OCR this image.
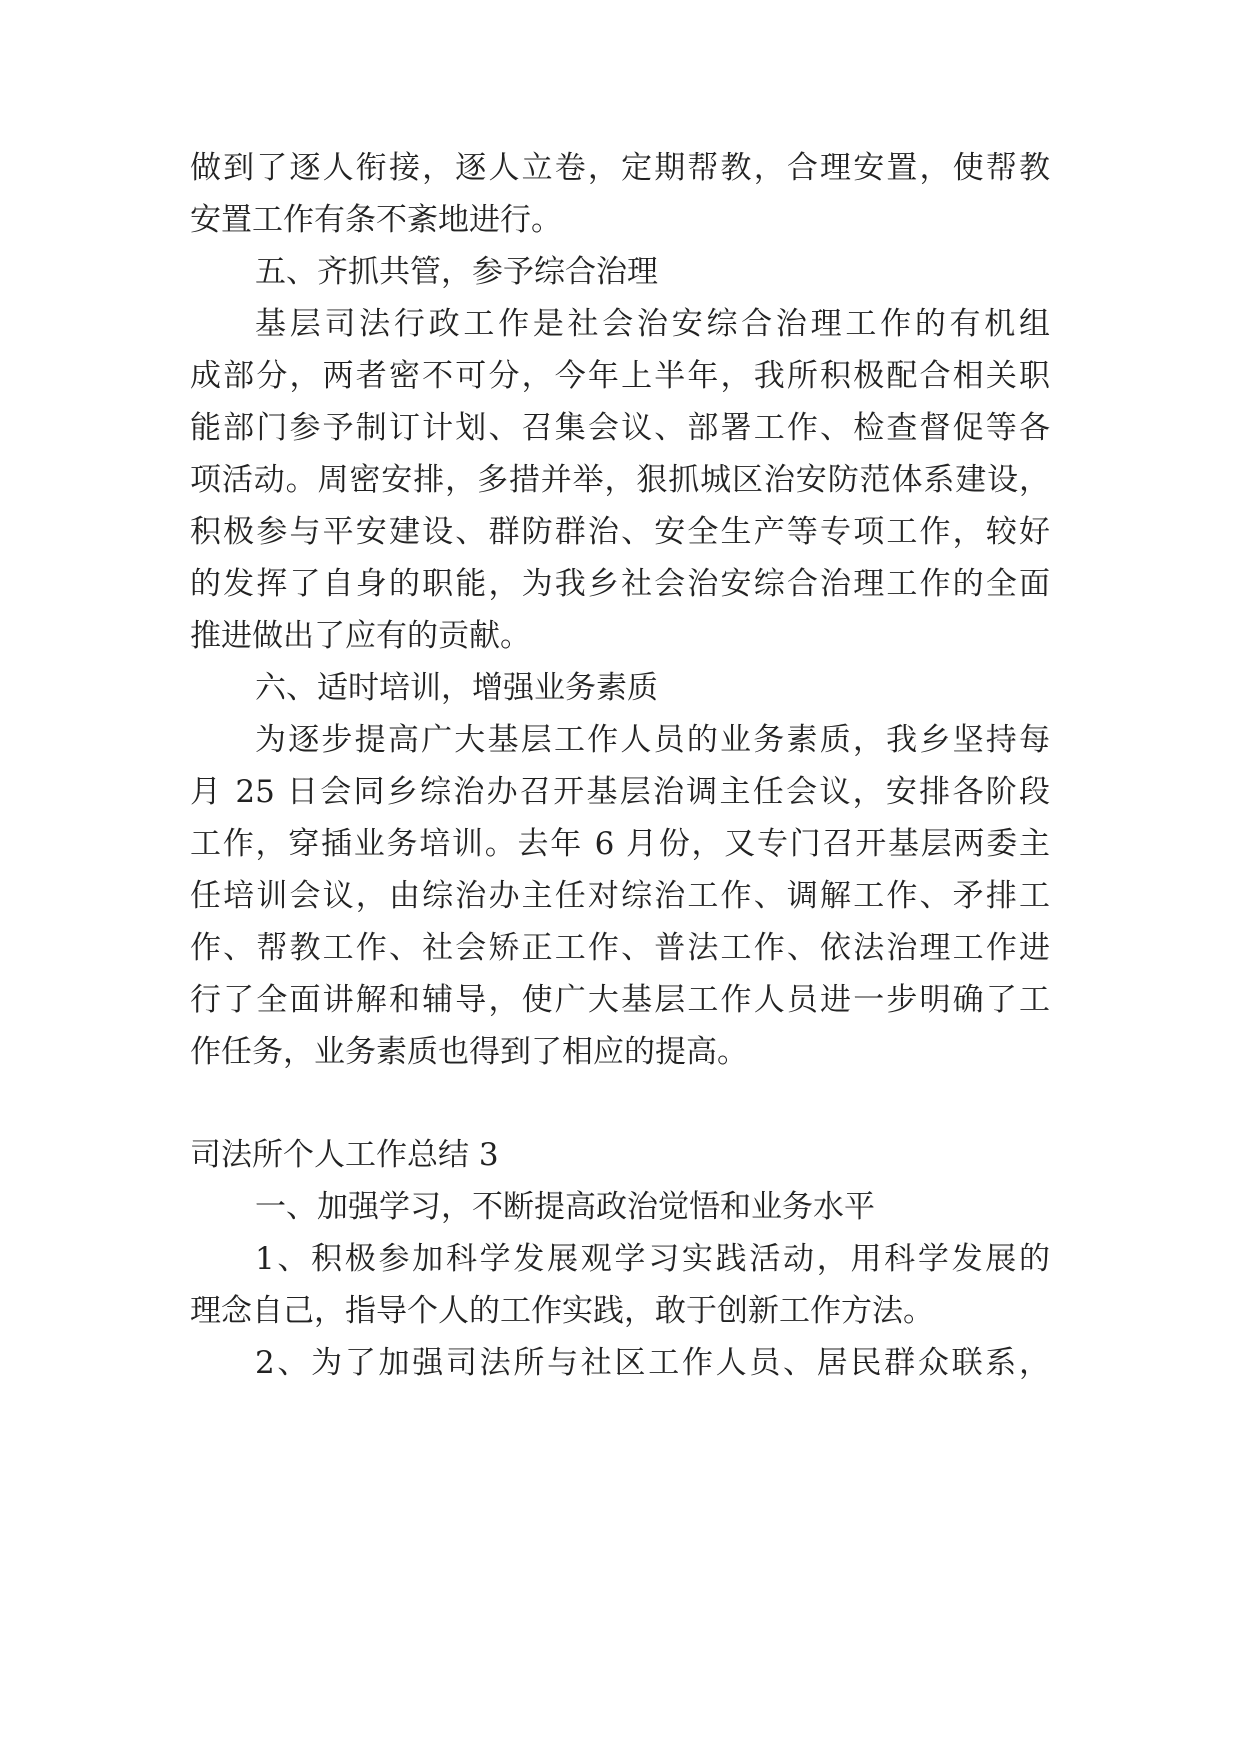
做到了逐人衔接，逐人立卷，定期帮教，合理安置，使帮教
安置工作有条不紊地进行。
五、齐抓共管，参予综合治理
基层司法行政工作是社会治安综合治理工作的有机组
成部分，两者密不可分，今年上半年，我所积极配合相关职
能部门参予制订计划、召集会议、部署工作、检查督促等各
项活动。周密安排，多措并举，狠抓城区治安防范体系建设，
积极参与平安建设、群防群治、安全生产等专项工作，较好
的发挥了自身的职能，为我乡社会治安综合治理工作的全面
推进做出了应有的贡献。
六、适时培训，增强业务素质
为逐步提高广大基层工作人员的业务素质，我乡坚持每
月 25 日会同乡综治办召开基层治调主任会议，安排各阶段
工作，穿插业务培训。去年 6 月份，又专门召开基层两委主
任培训会议，由综治办主任对综治工作、调解工作、矛排工
作、帮教工作、社会矫正工作、普法工作、依法治理工作进
行了全面讲解和辅导，使广大基层工作人员进一步明确了工
作任务，业务素质也得到了相应的提高。
司法所个人工作总结 3
一、加强学习，不断提高政治觉悟和业务水平
1、积极参加科学发展观学习实践活动，用科学发展的
理念自己，指导个人的工作实践，敢于创新工作方法。
2、为了加强司法所与社区工作人员、居民群众联系，
